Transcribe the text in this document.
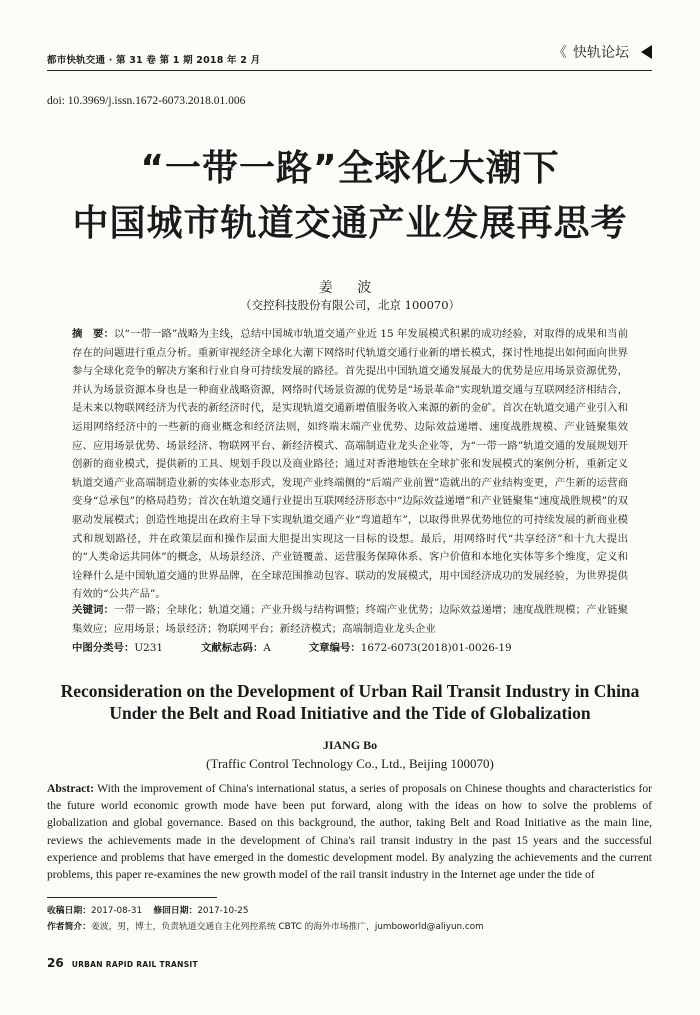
都市快轨交通 · 第 31 卷 第 1 期 2018 年 2 月	《 快轨论坛
doi: 10.3969/j.issn.1672-6073.2018.01.006
“一带一路”全球化大潮下
中国城市轨道交通产业发展再思考
姜 波
（交控科技股份有限公司，北京 100070）

摘　要：以“一带一路”战略为主线，总结中国城市轨道交通产业近 15 年发展模式积累的成功经验，对取得的成果和当前存在的问题进行重点分析。重新审视经济全球化大潮下网络时代轨道交通行业新的增长模式，探讨性地提出如何面向世界参与全球化竞争的解决方案和行业自身可持续发展的路径。首先提出中国轨道交通发展最大的优势是应用场景资源优势，并认为场景资源本身也是一种商业战略资源，网络时代场景资源的优势是“场景革命”实现轨道交通与互联网经济相结合，是未来以物联网经济为代表的新经济时代，是实现轨道交通新增值服务收入来源的新的金矿。首次在轨道交通产业引入和运用网络经济中的一些新的商业概念和经济法则，如终端末端产业优势、边际效益递增、速度战胜规模、产业链聚集效应、应用场景优势、场景经济、物联网平台、新经济模式、高端制造业龙头企业等，为“一带一路”轨道交通的发展规划开创新的商业模式，提供新的工具、规划手段以及商业路径；通过对香港地铁在全球扩张和发展模式的案例分析，重新定义轨道交通产业高端制造业新的实体业态形式，发现产业终端侧的“后端产业前置”造就出的产业结构变更，产生新的运营商变身“总承包”的格局趋势；首次在轨道交通行业提出互联网经济形态中“边际效益递增”和产业链聚集“速度战胜规模”的双驱动发展模式；创造性地提出在政府主导下实现轨道交通产业“弯道超车”，以取得世界优势地位的可持续发展的新商业模式和规划路径，并在政策层面和操作层面大胆提出实现这一目标的设想。最后，用网络时代“共享经济”和十九大提出的“人类命运共同体”的概念，从场景经济、产业链覆盖、运营服务保障体系、客户价值和本地化实体等多个维度，定义和诠释什么是中国轨道交通的世界品牌，在全球范围推动包容、联动的发展模式，用中国经济成功的发展经验，为世界提供有效的“公共产品”。

关键词：一带一路；全球化；轨道交通；产业升级与结构调整；终端产业优势；边际效益递增；速度战胜规模；产业链聚集效应；应用场景；场景经济；物联网平台；新经济模式；高端制造业龙头企业

中图分类号：U231	文献标志码：A	文章编号：1672-6073(2018)01-0026-19
Reconsideration on the Development of Urban Rail Transit Industry in China
Under the Belt and Road Initiative and the Tide of Globalization
JIANG Bo
(Traffic Control Technology Co., Ltd., Beijing 100070)

Abstract: With the improvement of China's international status, a series of proposals on Chinese thoughts and characteristics for the future world economic growth mode have been put forward, along with the ideas on how to solve the problems of globalization and global governance. Based on this background, the author, taking Belt and Road Initiative as the main line, reviews the achievements made in the development of China's rail transit industry in the past 15 years and the successful experience and problems that have emerged in the domestic development model. By analyzing the achievements and the current problems, this paper re-examines the new growth model of the rail transit industry in the Internet age under the tide of

收稿日期：2017-08-31 修回日期：2017-10-25
作者简介：姜波，男，博士，负责轨道交通自主化列控系统 CBTC 的海外市场推广，jumboworld@aliyun.com
26 URBAN RAPID RAIL TRANSIT
